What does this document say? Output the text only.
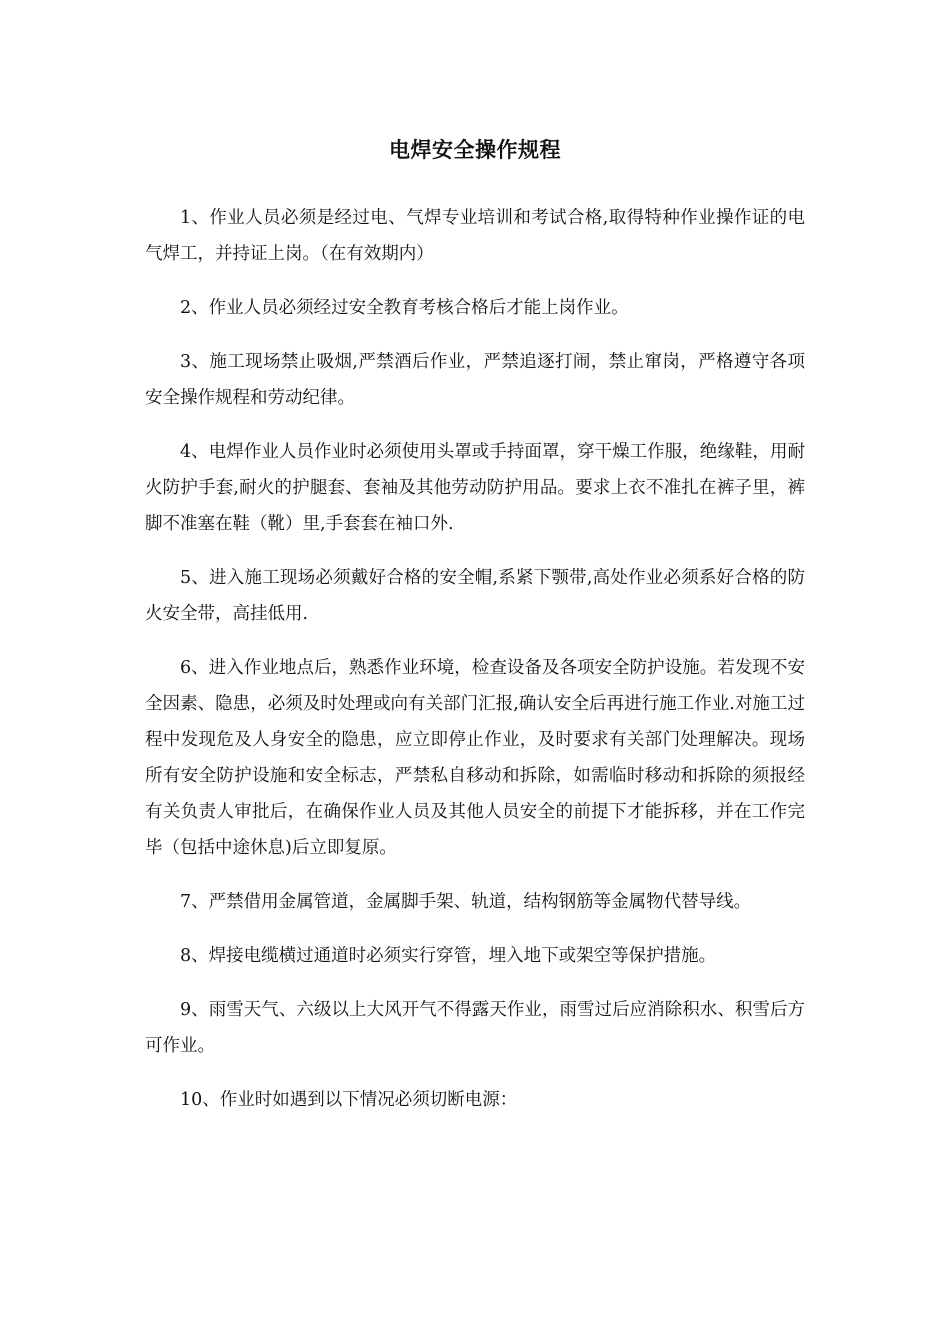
电焊安全操作规程

1、作业人员必须是经过电、气焊专业培训和考试合格,取得特种作业操作证的电气焊工，并持证上岗。（在有效期内）

2、作业人员必须经过安全教育考核合格后才能上岗作业。

3、施工现场禁止吸烟,严禁酒后作业，严禁追逐打闹，禁止窜岗，严格遵守各项安全操作规程和劳动纪律。

4、电焊作业人员作业时必须使用头罩或手持面罩，穿干燥工作服，绝缘鞋，用耐火防护手套,耐火的护腿套、套袖及其他劳动防护用品。要求上衣不准扎在裤子里，裤脚不准塞在鞋（靴）里,手套套在袖口外.

5、进入施工现场必须戴好合格的安全帽,系紧下颚带,高处作业必须系好合格的防火安全带，高挂低用.

6、进入作业地点后，熟悉作业环境，检查设备及各项安全防护设施。若发现不安全因素、隐患，必须及时处理或向有关部门汇报,确认安全后再进行施工作业.对施工过程中发现危及人身安全的隐患，应立即停止作业，及时要求有关部门处理解决。现场所有安全防护设施和安全标志，严禁私自移动和拆除，如需临时移动和拆除的须报经有关负责人审批后，在确保作业人员及其他人员安全的前提下才能拆移，并在工作完毕（包括中途休息)后立即复原。

7、严禁借用金属管道，金属脚手架、轨道，结构钢筋等金属物代替导线。

8、焊接电缆横过通道时必须实行穿管，埋入地下或架空等保护措施。

9、雨雪天气、六级以上大风开气不得露天作业，雨雪过后应消除积水、积雪后方可作业。

10、作业时如遇到以下情况必须切断电源：
